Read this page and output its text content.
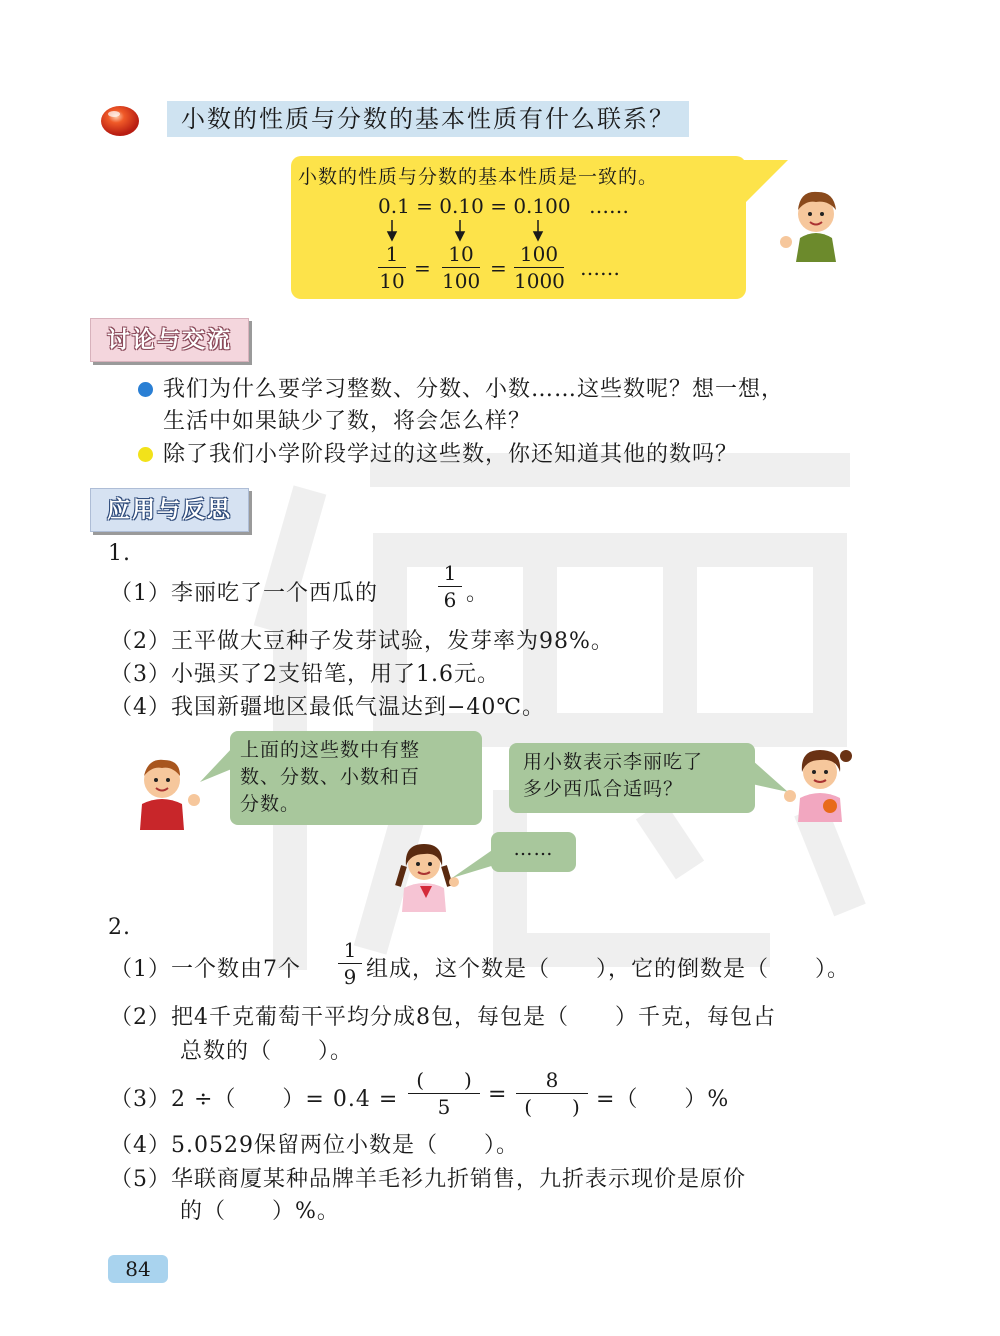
小数的性质与分数的基本性质有什么联系？
小数的性质与分数的基本性质是一致的。
0.1 = 0.10 = 0.100 ……
1
10
=
10
100
=
100
1000
……
讨论与交流
我们为什么要学习整数、分数、小数……这些数呢？想一想，
生活中如果缺少了数，将会怎么样？
除了我们小学阶段学过的这些数，你还知道其他的数吗？
应用与反思
1.
（1）李丽吃了一个西瓜的
1
6 。
（2）王平做大豆种子发芽试验，发芽率为98%。
（3）小强买了2支铅笔，用了1.6元。
（4）我国新疆地区最低气温达到−40℃。
上面的这些数中有整
数、分数、小数和百
分数。
用小数表示李丽吃了
多少西瓜合适吗？
……
2.
（1）一个数由7个
1
9 组成，这个数是（　　），它的倒数是（　　）。
（2）把4千克葡萄干平均分成8包，每包是（　　）千克，每包占
总数的（　　）。
（3）2 ÷（　　）= 0.4 =
(　　)
5	=
8
(　　) =（　　）%
（4）5.0529保留两位小数是（　　）。
（5）华联商厦某种品牌羊毛衫九折销售，九折表示现价是原价
的（　　）%。
84
